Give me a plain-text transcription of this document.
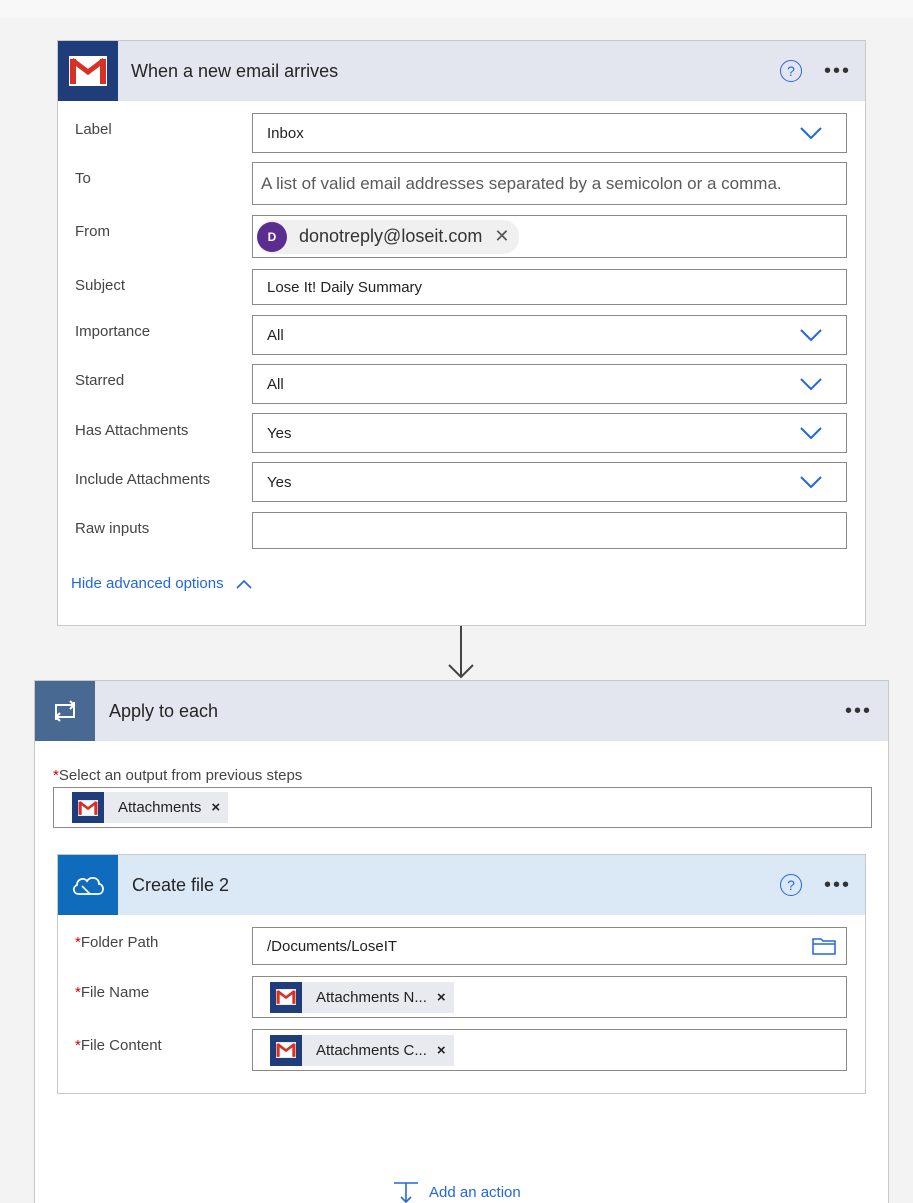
When a new email arrives	?	•••
Label	Inbox
To	A list of valid email addresses separated by a semicolon or a comma.
From	D	donotreply@loseit.com ✕
Subject	Lose It! Daily Summary
Importance	All
Starred	All
Has Attachments	Yes
Include Attachments	Yes
Raw inputs
Hide advanced options
Apply to each	•••
*Select an output from previous steps
Attachments ×
Create file 2	?	•••
*Folder Path	/Documents/LoseIT
*File Name	Attachments N... ×
*File Content	Attachments C... ×
Add an action
